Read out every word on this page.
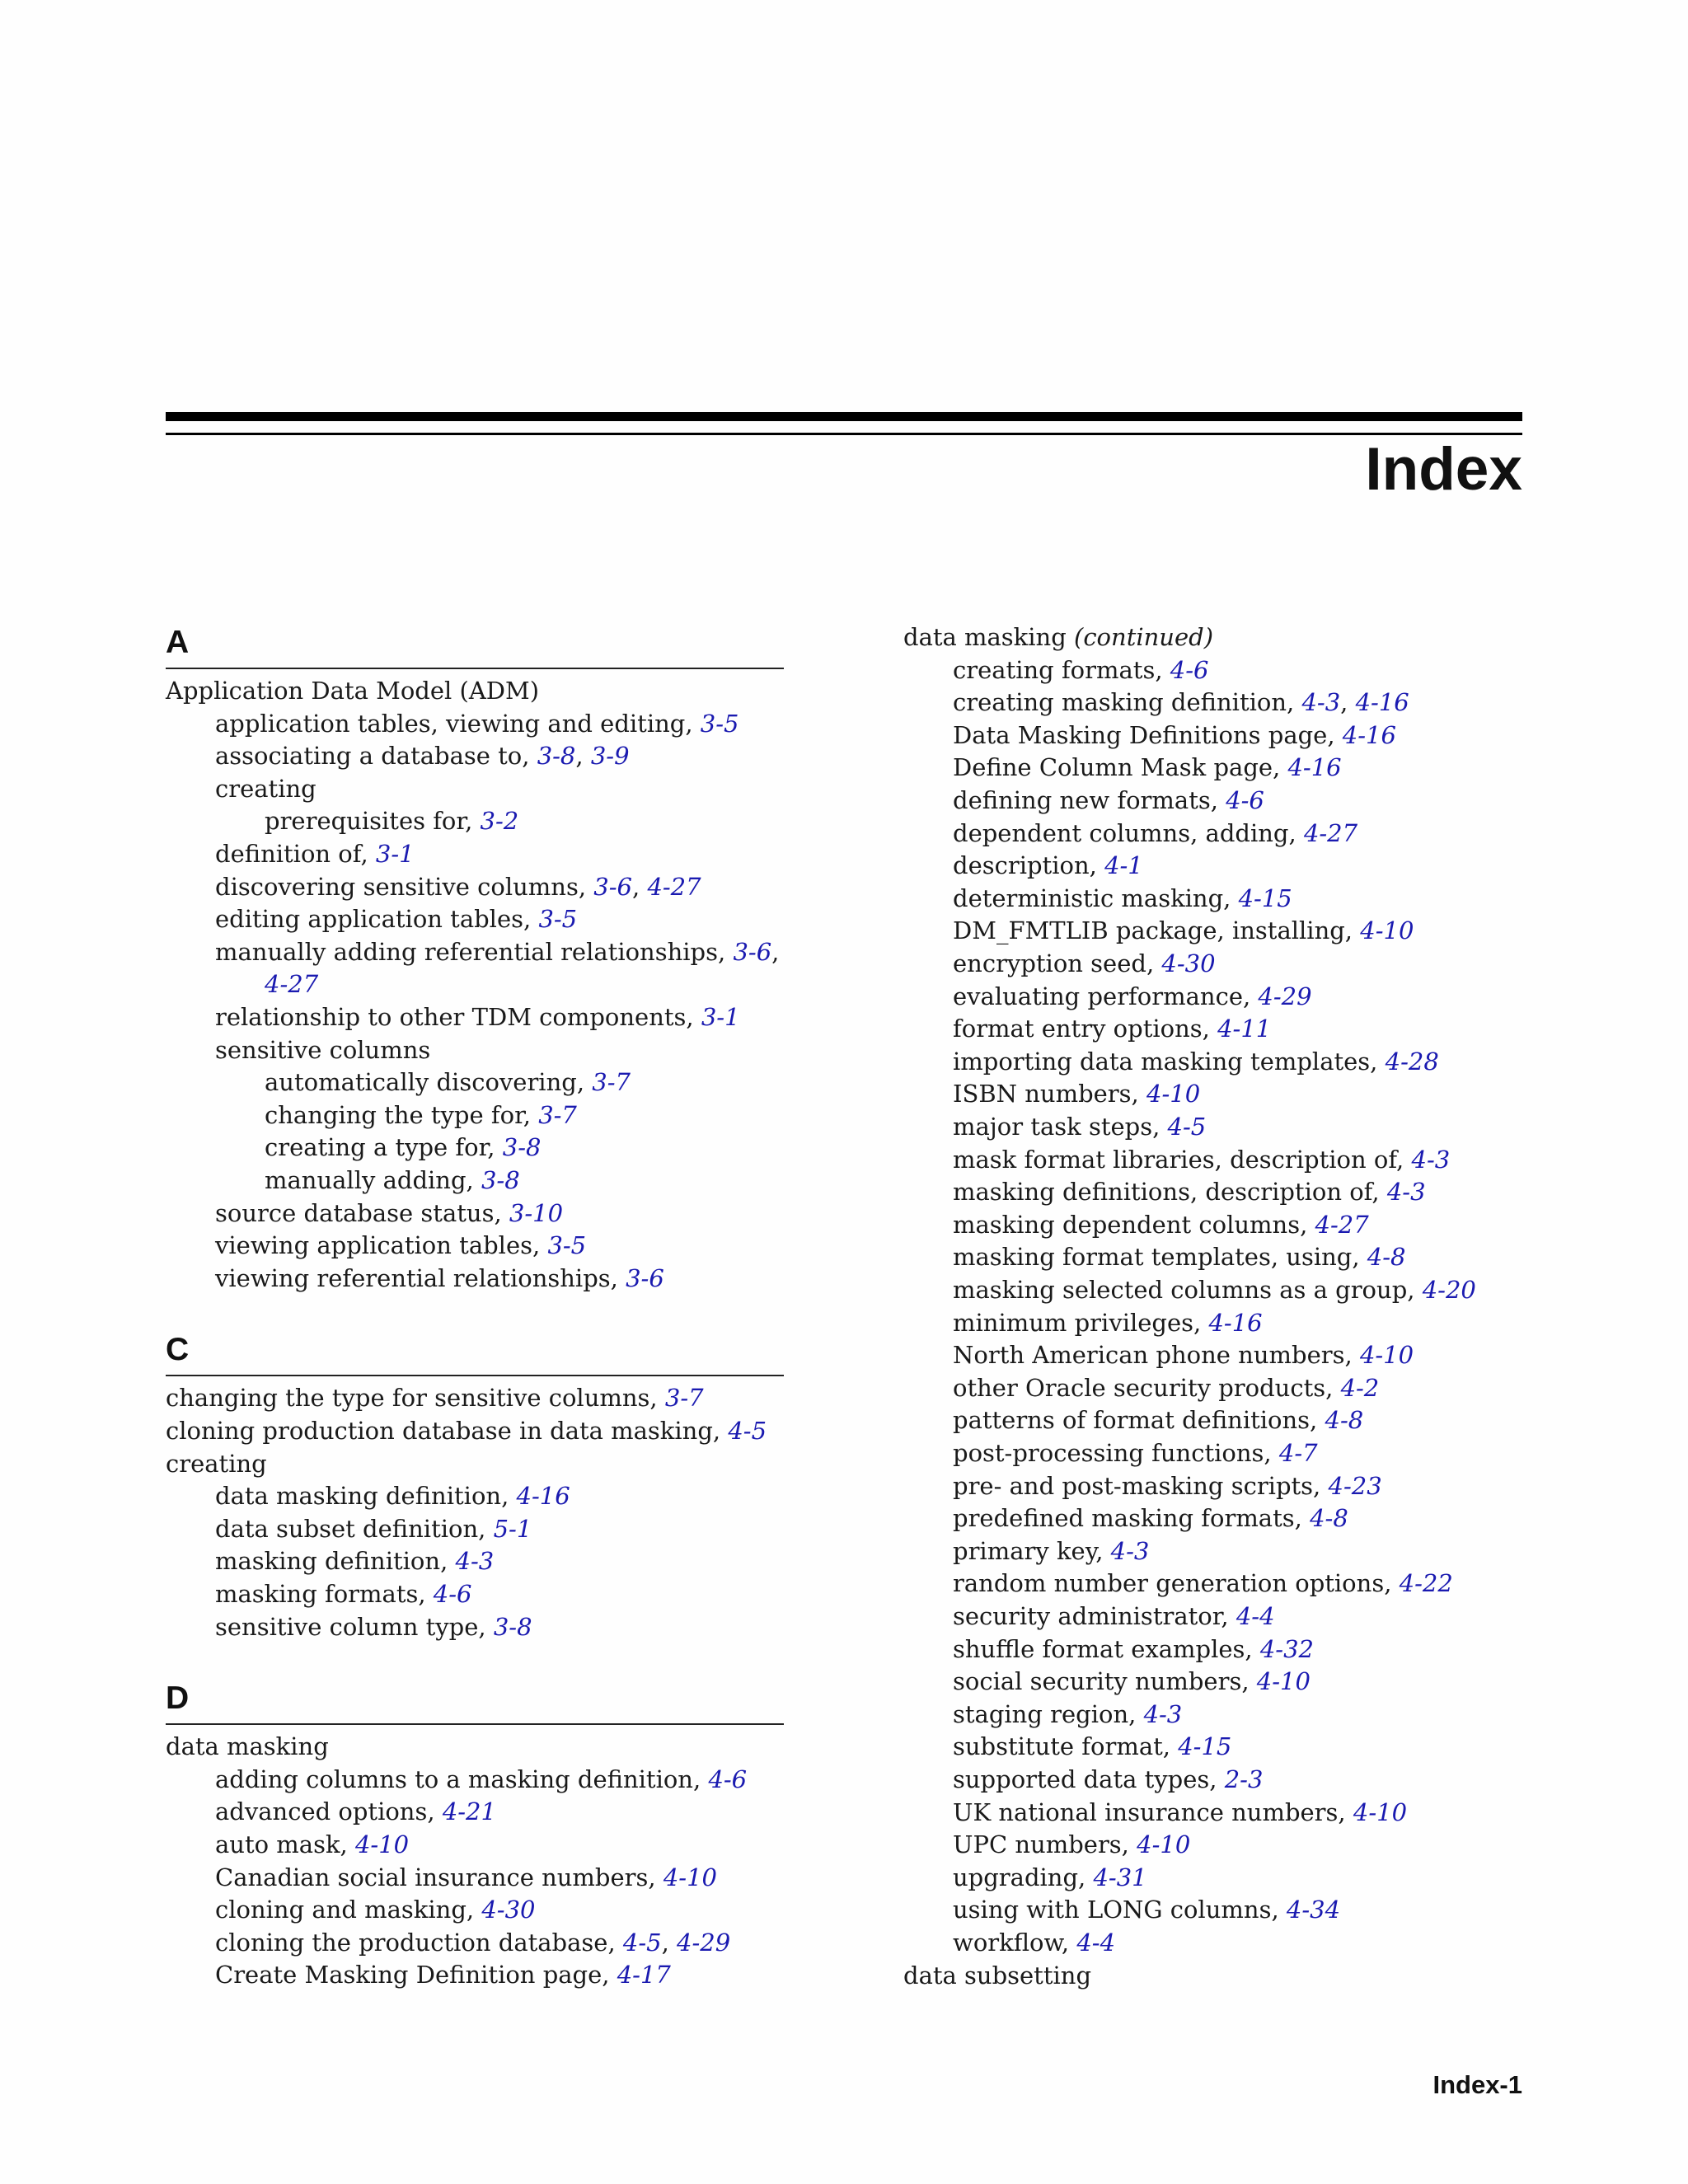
Index
A
Application Data Model (ADM)
application tables, viewing and editing, 3-5
associating a database to, 3-8, 3-9
creating
prerequisites for, 3-2
definition of, 3-1
discovering sensitive columns, 3-6, 4-27
editing application tables, 3-5
manually adding referential relationships, 3-6,
4-27
relationship to other TDM components, 3-1
sensitive columns
automatically discovering, 3-7
changing the type for, 3-7
creating a type for, 3-8
manually adding, 3-8
source database status, 3-10
viewing application tables, 3-5
viewing referential relationships, 3-6
C
changing the type for sensitive columns, 3-7
cloning production database in data masking, 4-5
creating
data masking definition, 4-16
data subset definition, 5-1
masking definition, 4-3
masking formats, 4-6
sensitive column type, 3-8
D
data masking
adding columns to a masking definition, 4-6
advanced options, 4-21
auto mask, 4-10
Canadian social insurance numbers, 4-10
cloning and masking, 4-30
cloning the production database, 4-5, 4-29
Create Masking Definition page, 4-17
data masking (continued)
creating formats, 4-6
creating masking definition, 4-3, 4-16
Data Masking Definitions page, 4-16
Define Column Mask page, 4-16
defining new formats, 4-6
dependent columns, adding, 4-27
description, 4-1
deterministic masking, 4-15
DM_FMTLIB package, installing, 4-10
encryption seed, 4-30
evaluating performance, 4-29
format entry options, 4-11
importing data masking templates, 4-28
ISBN numbers, 4-10
major task steps, 4-5
mask format libraries, description of, 4-3
masking definitions, description of, 4-3
masking dependent columns, 4-27
masking format templates, using, 4-8
masking selected columns as a group, 4-20
minimum privileges, 4-16
North American phone numbers, 4-10
other Oracle security products, 4-2
patterns of format definitions, 4-8
post-processing functions, 4-7
pre- and post-masking scripts, 4-23
predefined masking formats, 4-8
primary key, 4-3
random number generation options, 4-22
security administrator, 4-4
shuffle format examples, 4-32
social security numbers, 4-10
staging region, 4-3
substitute format, 4-15
supported data types, 2-3
UK national insurance numbers, 4-10
UPC numbers, 4-10
upgrading, 4-31
using with LONG columns, 4-34
workflow, 4-4
data subsetting
Index-1
